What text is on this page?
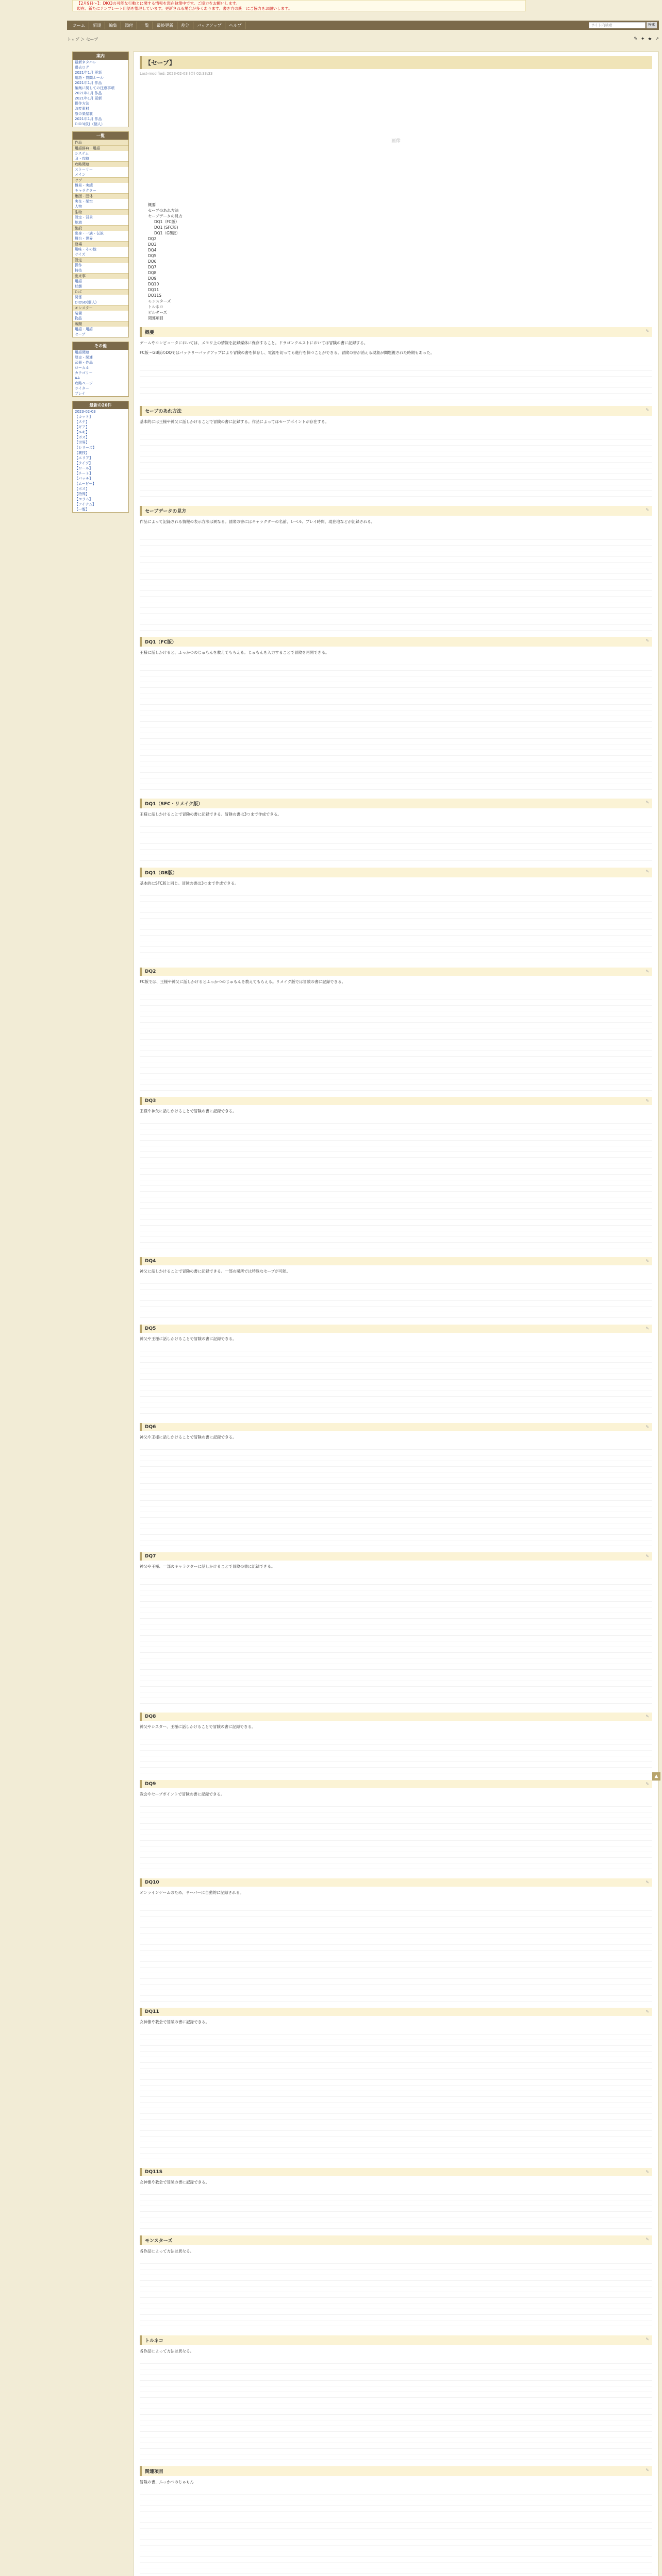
【2月9日〜】：DIO3の可能な行動とに関する情報を現在執筆中です。ご協力をお願いします。
現在、新たにテンプレート用語を整理しています。更新される場合が多くあります。書き方の統一にご協力をお願いします。
ホーム	新規	編集	添付	一覧	最終更新	差分	バックアップ	ヘルプ	サイト内検索	検索
トップ ＞ セーブ	✎ ✦ ★ ↗
案内
最新ネタバレ
過去ログ
2021年1月 更新
用語・質問ルール
2021年1月 作品
編集に関しての注意事項
2021年1月 作品
2021年1月 更新
操作方法
改変素材
原の楽屋裏
2021年1月 作品
DIO3(仮)（個人）
一覧
作品
用語辞典・用語
システム
Ｂ・攻略
攻略関連
ストーリー
メイン
サブ
難易・実績
キャラクター
集団・団体
実在・架空
人物
生物
設定・背景
地域
施設
出身・一族・伝説
舞台・世界
登場
趣味・その他
サイズ
設定
操作
特技
出来事
用語
状態
DLC
関係
DIOSO(個人)
モンスター
装備
物品
戦闘
用語・用語
セーブ
その他
用語関連
歴史・関連
武器・作品
ローカル
カテゴリー
AA
攻略ページ
ライター
プレイ
最新の20件
2023-02-03
【カット】
【ステ】
【ギア】
【エキ】
【ボス】
【世界】
【シリーズ】
【裏技】
【エリア】
【ライブ】
【ロール】
【チート】
【パッチ】
【ムービー】
【ボス】
【特殊】
【コラム】
【アイテム】
【一覧】
【セーブ】
Last-modified: 2023-02-03 (金) 02:33:33
画像
概要
セーブのあれ方法
セーブデータの見方
DQ1（FC版）
DQ1 (SFC版)
DQ1（GB版）
DQ2
DQ3
DQ4
DQ5
DQ6
DQ7
DQ8
DQ9
DQ10
DQ11
DQ11S
モンスターズ
トルネコ
ビルダーズ
関連項目
概要	✎

ゲームやコンピュータにおいては、メモリ上の情報を記録媒体に保存すること。ドラゴンクエストにおいては冒険の書に記録する。

FC版〜GB版のDQではバッテリーバックアップにより冒険の書を保存し、電源を切っても進行を保つことができる。冒険の書が消える現象が問題視された時期もあった。

セーブのあれ方法	✎

基本的には王様や神父に話しかけることで冒険の書に記録する。作品によってはセーブポイントが存在する。

セーブデータの見方	✎

作品によって記録される情報の表示方法は異なる。冒険の書にはキャラクターの名前、レベル、プレイ時間、現在地などが記録される。

DQ1（FC版）	✎

王様に話しかけると、ふっかつのじゅもんを教えてもらえる。じゅもんを入力することで冒険を再開できる。

DQ1（SFC・リメイク版）	✎

王様に話しかけることで冒険の書に記録できる。冒険の書は3つまで作成できる。

DQ1（GB版）	✎

基本的にSFC版と同じ。冒険の書は3つまで作成できる。

DQ2	✎

FC版では、王様や神父に話しかけるとふっかつのじゅもんを教えてもらえる。リメイク版では冒険の書に記録できる。

DQ3	✎

王様や神父に話しかけることで冒険の書に記録できる。

DQ4	✎

神父に話しかけることで冒険の書に記録できる。一部の場所では特殊なセーブが可能。

DQ5	✎

神父や王様に話しかけることで冒険の書に記録できる。

DQ6	✎

神父や王様に話しかけることで冒険の書に記録できる。

DQ7	✎

神父や王様、一部のキャラクターに話しかけることで冒険の書に記録できる。

DQ8	✎

神父やシスター、王様に話しかけることで冒険の書に記録できる。

DQ9	✎

教会やセーブポイントで冒険の書に記録できる。

DQ10	✎

オンラインゲームのため、サーバーに自動的に記録される。

DQ11	✎

女神像や教会で冒険の書に記録できる。

DQ11S	✎

女神像や教会で冒険の書に記録できる。

モンスターズ	✎

各作品によって方法は異なる。

トルネコ	✎

各作品によって方法は異なる。

関連項目	✎

冒険の書、ふっかつのじゅもん

▲
